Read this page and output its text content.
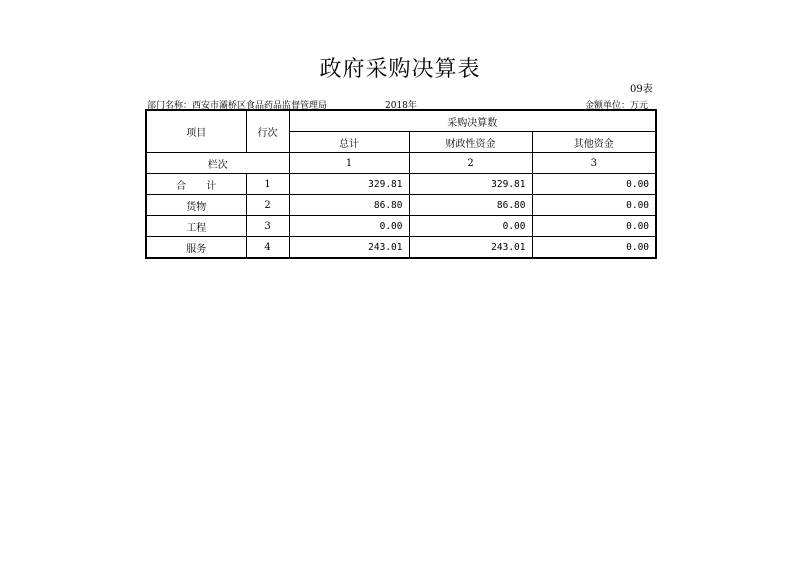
政府采购决算表
09表
部门名称：西安市灞桥区食品药品监督管理局	2018年	金额单位：万元
项目	行次	采购决算数		
		总计	财政性资金	其他资金
栏次		1	2	3
合　　计	1	329.81	329.81	0.00
货物	2	86.80	86.80	0.00
工程	3	0.00	0.00	0.00
服务	4	243.01	243.01	0.00
